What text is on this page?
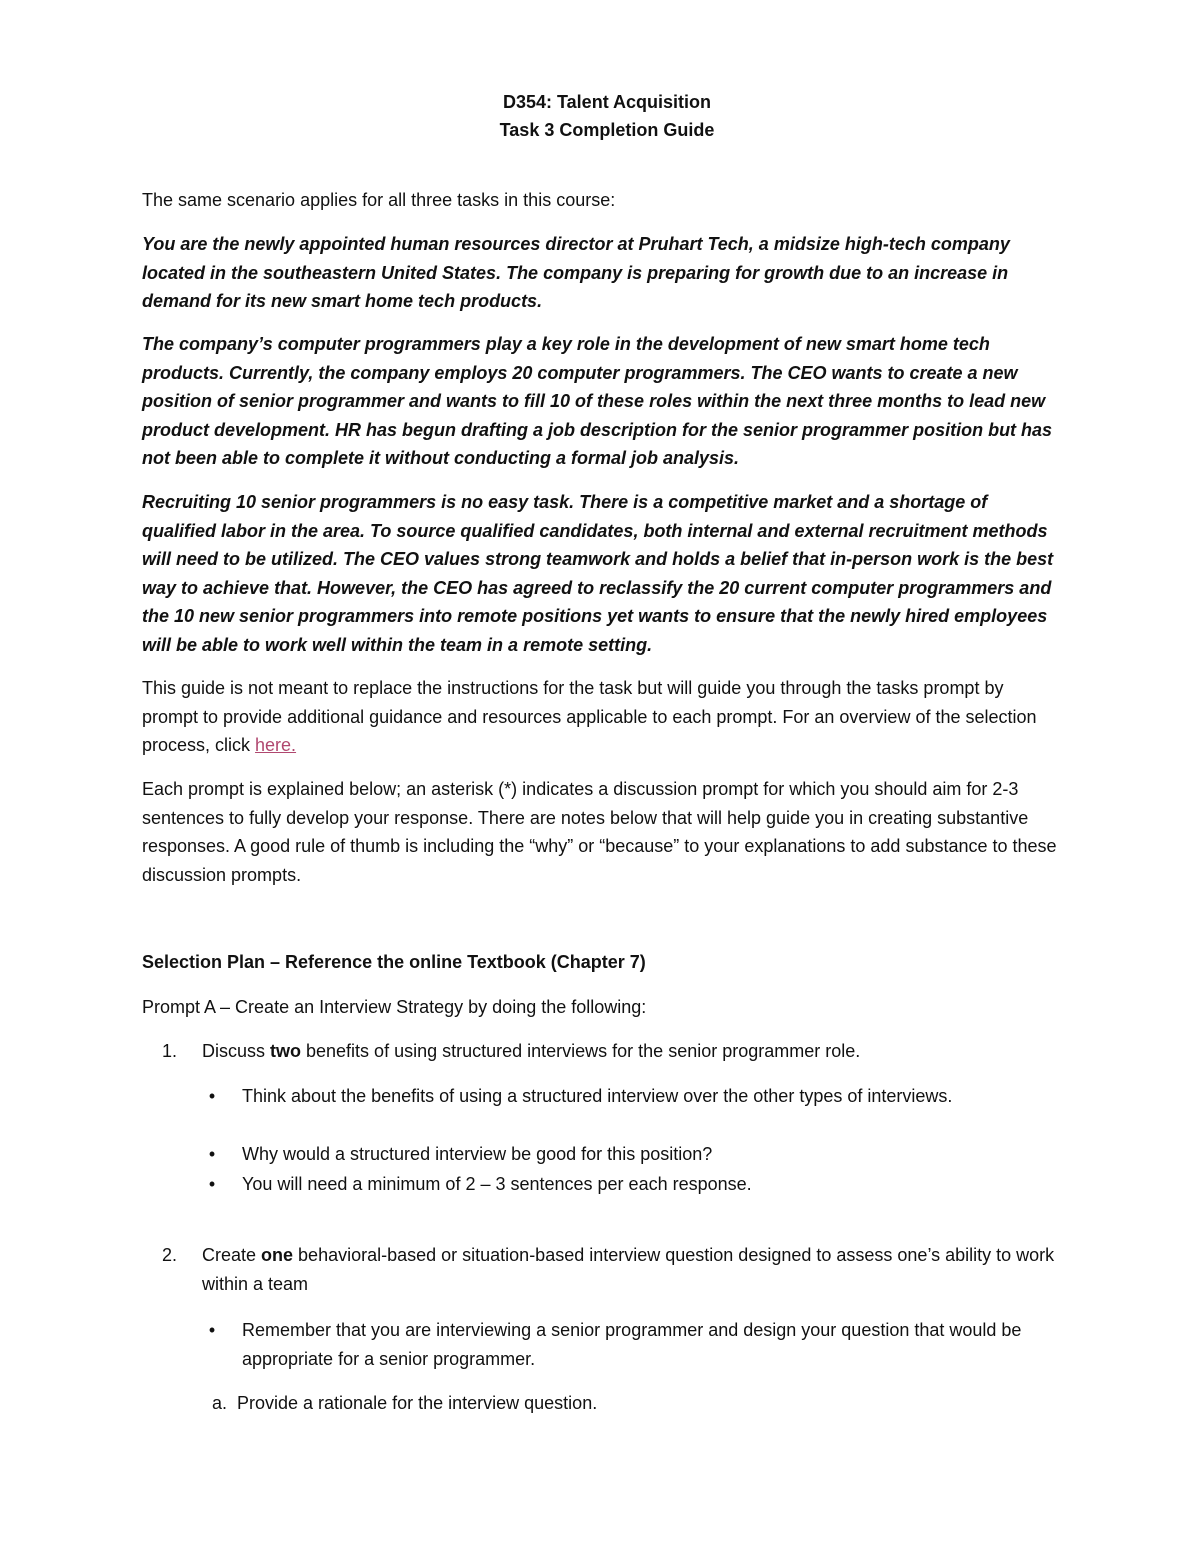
D354: Talent Acquisition
Task 3 Completion Guide

The same scenario applies for all three tasks in this course:

You are the newly appointed human resources director at Pruhart Tech, a midsize high-tech company located in the southeastern United States. The company is preparing for growth due to an increase in demand for its new smart home tech products.

The company’s computer programmers play a key role in the development of new smart home tech products. Currently, the company employs 20 computer programmers. The CEO wants to create a new position of senior programmer and wants to fill 10 of these roles within the next three months to lead new product development. HR has begun drafting a job description for the senior programmer position but has not been able to complete it without conducting a formal job analysis.

Recruiting 10 senior programmers is no easy task. There is a competitive market and a shortage of qualified labor in the area. To source qualified candidates, both internal and external recruitment methods will need to be utilized. The CEO values strong teamwork and holds a belief that in-person work is the best way to achieve that. However, the CEO has agreed to reclassify the 20 current computer programmers and the 10 new senior programmers into remote positions yet wants to ensure that the newly hired employees will be able to work well within the team in a remote setting.

This guide is not meant to replace the instructions for the task but will guide you through the tasks prompt by prompt to provide additional guidance and resources applicable to each prompt. For an overview of the selection process, click here.

Each prompt is explained below; an asterisk (*) indicates a discussion prompt for which you should aim for 2-3 sentences to fully develop your response. There are notes below that will help guide you in creating substantive responses. A good rule of thumb is including the “why” or “because” to your explanations to add substance to these discussion prompts.

Selection Plan – Reference the online Textbook (Chapter 7)

Prompt A – Create an Interview Strategy by doing the following:

1. Discuss two benefits of using structured interviews for the senior programmer role.
•	Think about the benefits of using a structured interview over the other types of interviews.
•	Why would a structured interview be good for this position?
•	You will need a minimum of 2 – 3 sentences per each response.
2. Create one behavioral-based or situation-based interview question designed to assess one’s ability to work within a team
•	Remember that you are interviewing a senior programmer and design your question that would be appropriate for a senior programmer.
a. Provide a rationale for the interview question.
